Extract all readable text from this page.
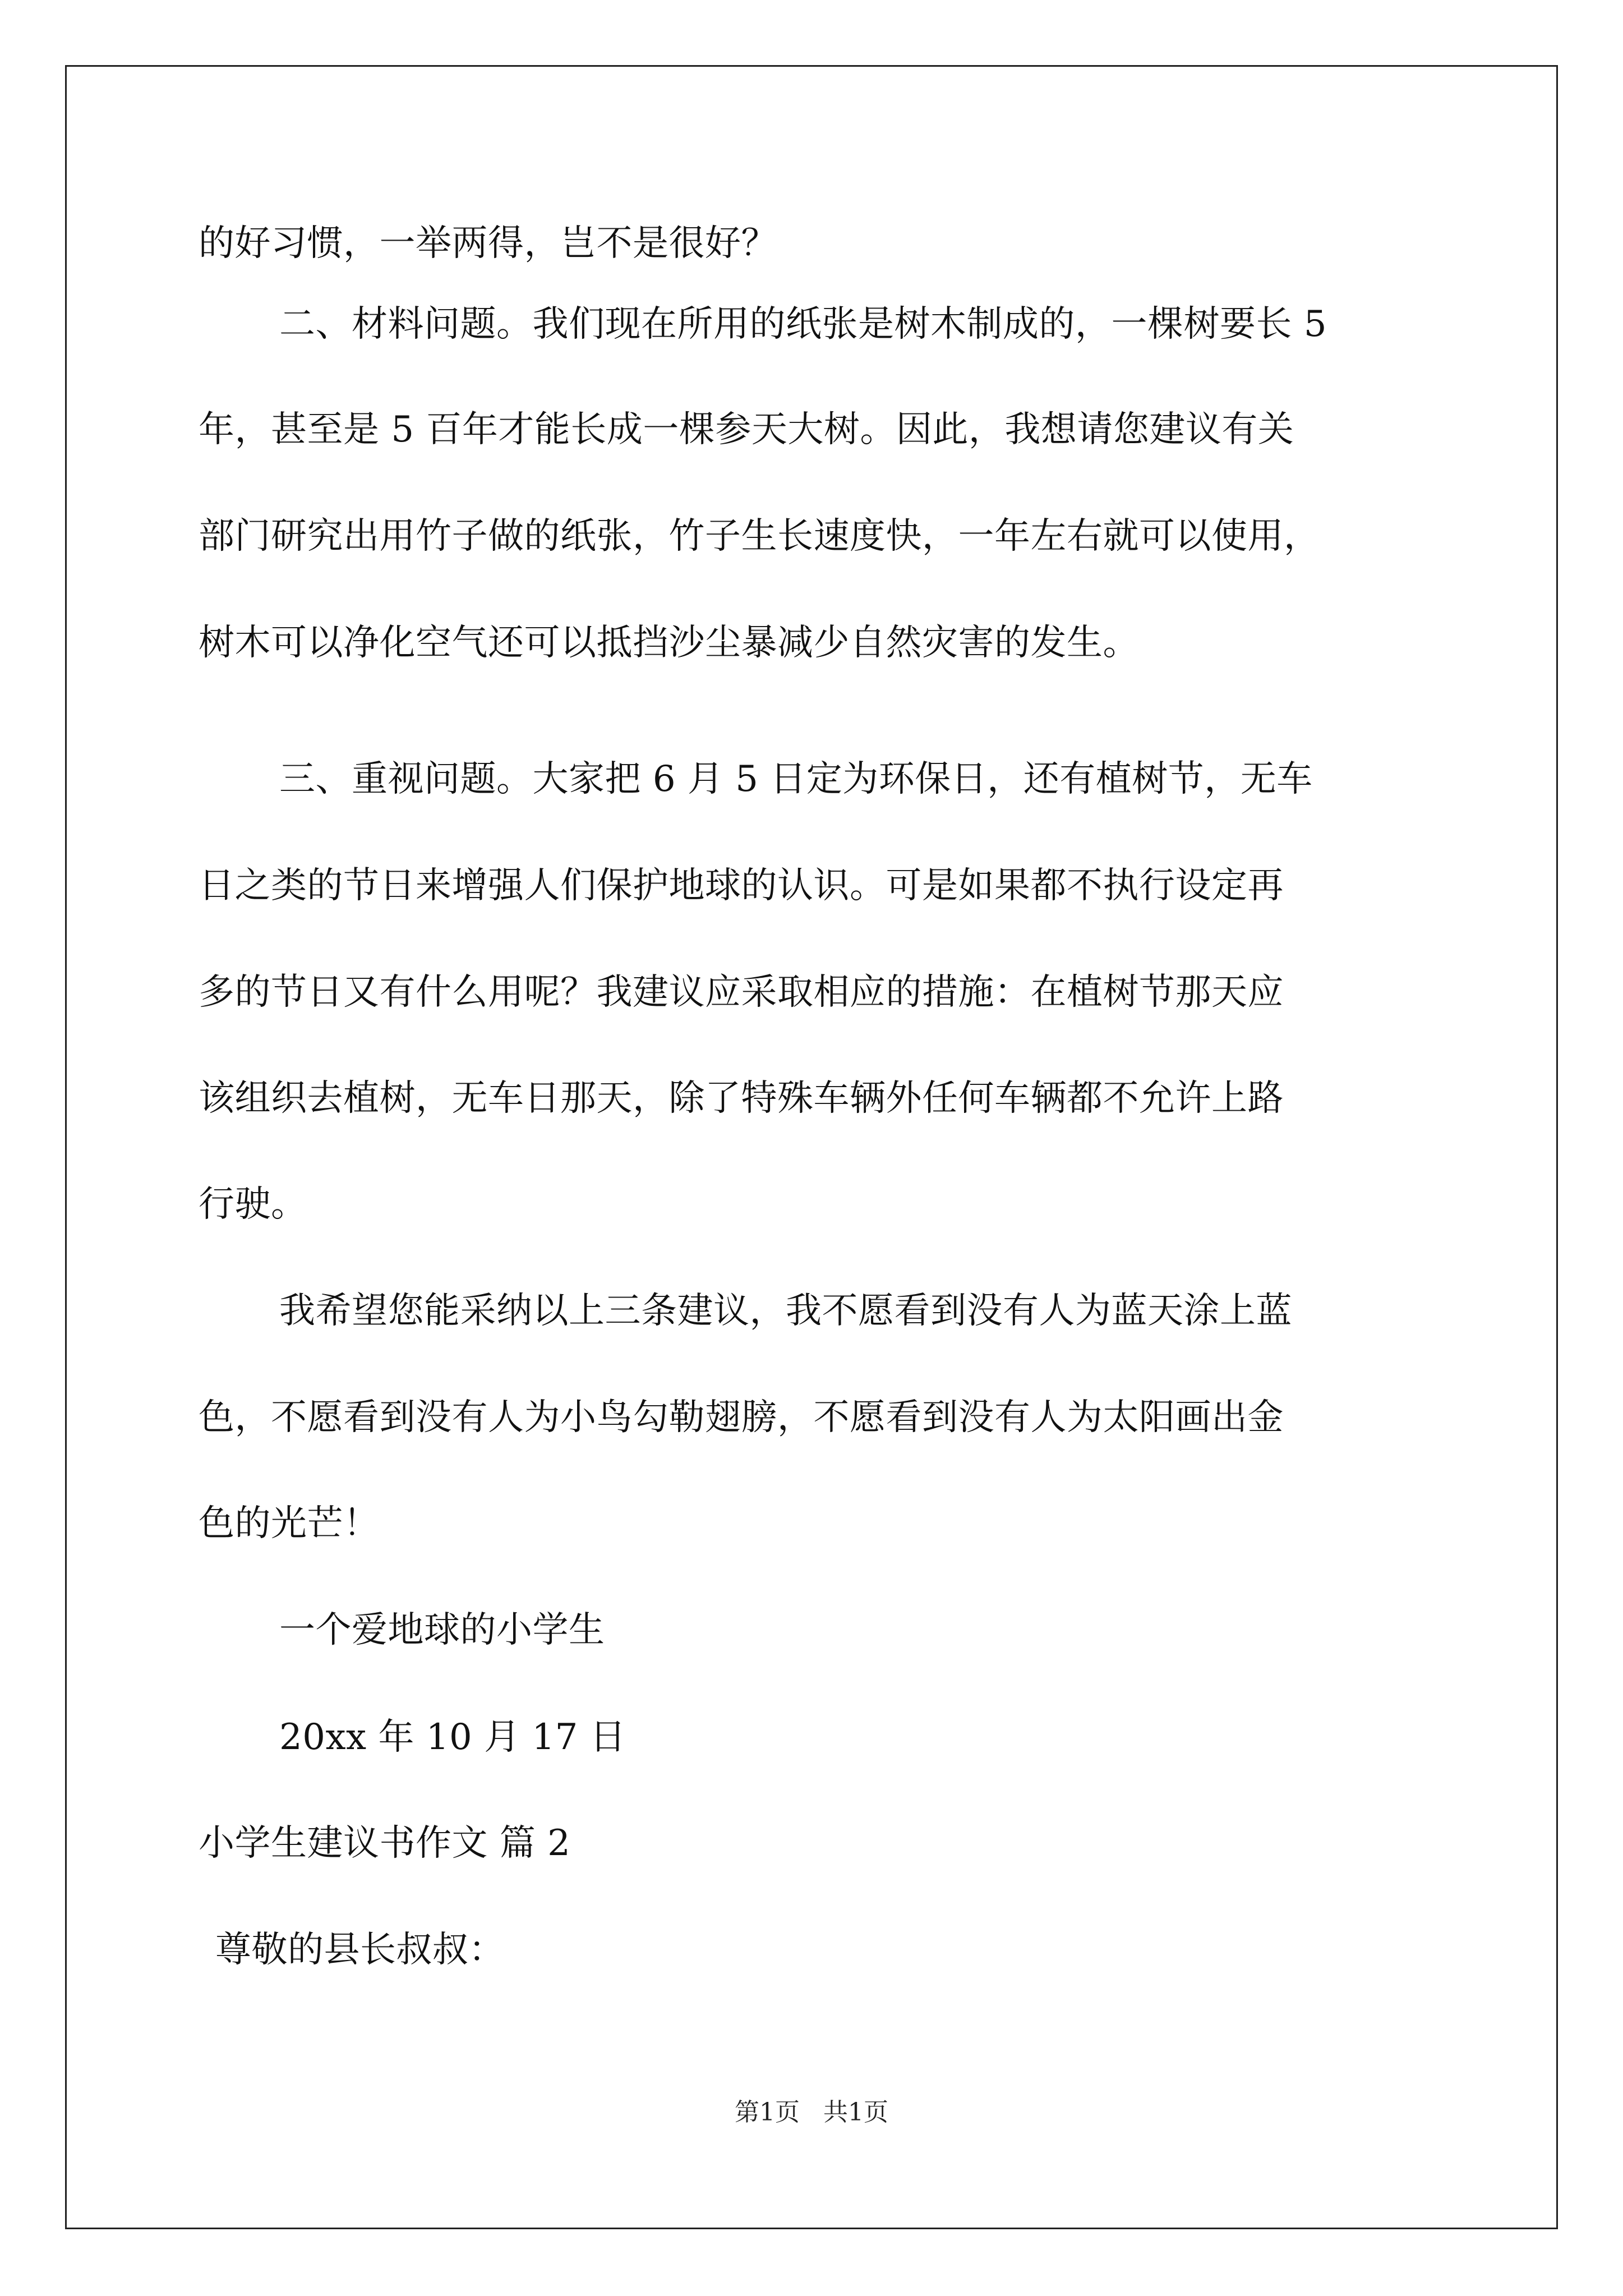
的好习惯，一举两得，岂不是很好？
二、材料问题。我们现在所用的纸张是树木制成的，一棵树要长 5
年，甚至是 5 百年才能长成一棵参天大树。因此，我想请您建议有关
部门研究出用竹子做的纸张，竹子生长速度快，一年左右就可以使用，
树木可以净化空气还可以抵挡沙尘暴减少自然灾害的发生。
三、重视问题。大家把 6 月 5 日定为环保日，还有植树节，无车
日之类的节日来增强人们保护地球的认识。可是如果都不执行设定再
多的节日又有什么用呢？我建议应采取相应的措施：在植树节那天应
该组织去植树，无车日那天，除了特殊车辆外任何车辆都不允许上路
行驶。
我希望您能采纳以上三条建议，我不愿看到没有人为蓝天涂上蓝
色，不愿看到没有人为小鸟勾勒翅膀，不愿看到没有人为太阳画出金
色的光芒！
一个爱地球的小学生
20xx 年 10 月 17 日
小学生建议书作文 篇 2
尊敬的县长叔叔：
第1页   共1页
